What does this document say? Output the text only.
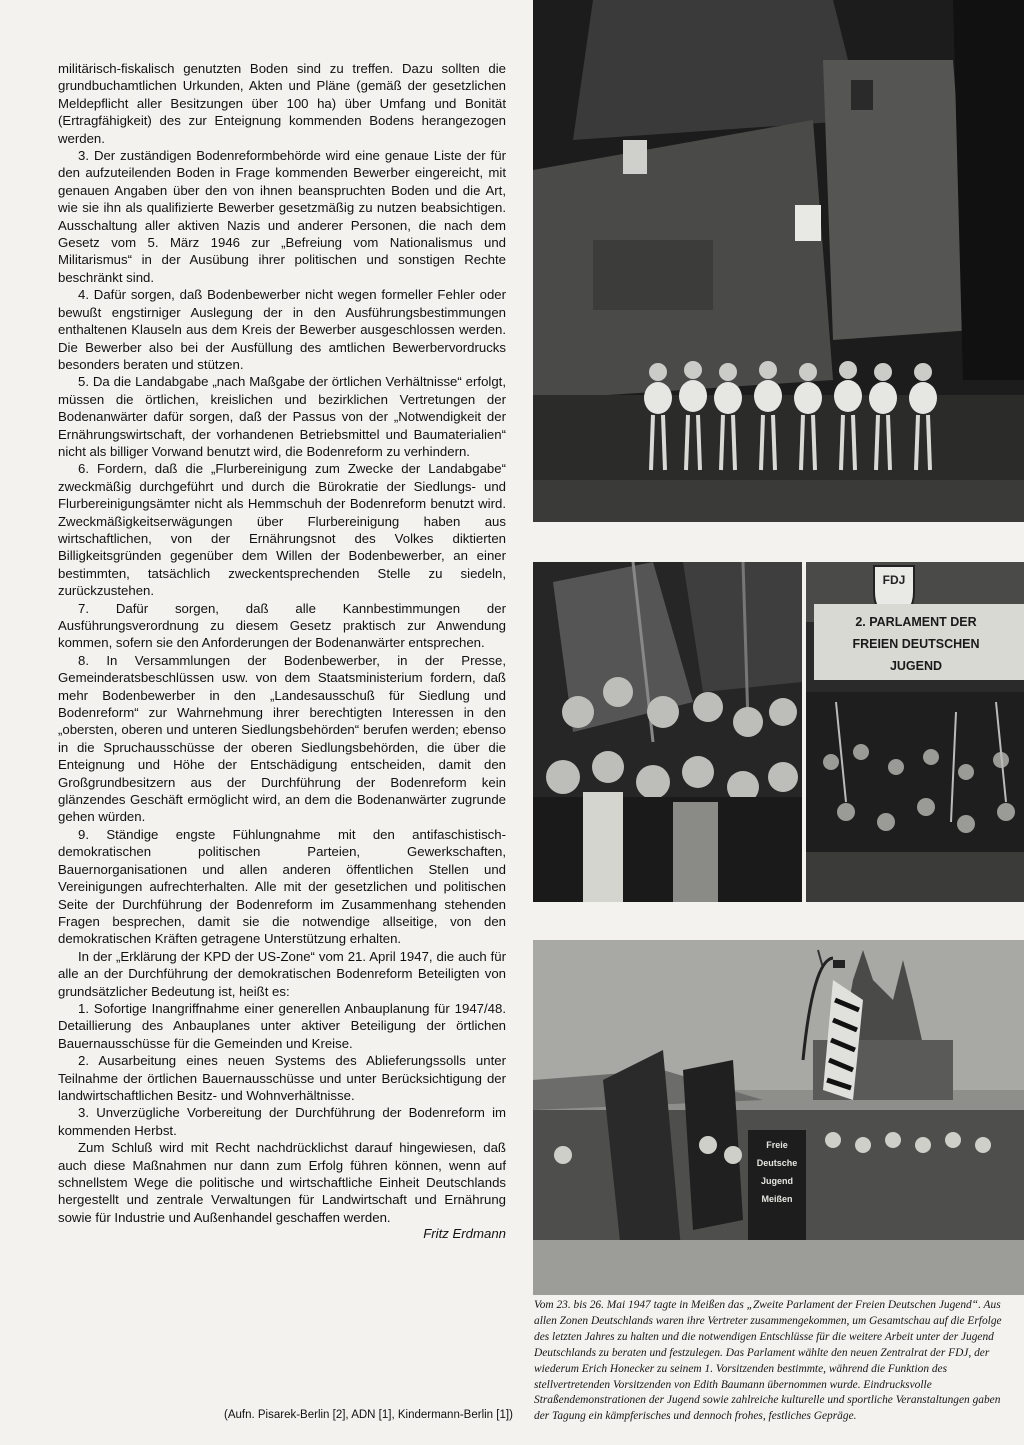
militärisch-fiskalisch genutzten Boden sind zu treffen. Dazu sollten die grundbuchamtlichen Urkunden, Akten und Pläne (gemäß der gesetzlichen Meldepflicht aller Besitzungen über 100 ha) über Umfang und Bonität (Ertragfähigkeit) des zur Enteignung kommenden Bodens herangezogen werden.

3. Der zuständigen Bodenreformbehörde wird eine genaue Liste der für den aufzuteilenden Boden in Frage kommenden Bewerber eingereicht, mit genauen Angaben über den von ihnen beanspruchten Boden und die Art, wie sie ihn als qualifizierte Bewerber gesetzmäßig zu nutzen beabsichtigen. Ausschaltung aller aktiven Nazis und anderer Personen, die nach dem Gesetz vom 5. März 1946 zur „Befreiung vom Nationalismus und Militarismus“ in der Ausübung ihrer politischen und sonstigen Rechte beschränkt sind.

4. Dafür sorgen, daß Bodenbewerber nicht wegen formeller Fehler oder bewußt engstirniger Auslegung der in den Ausführungsbestimmungen enthaltenen Klauseln aus dem Kreis der Bewerber ausgeschlossen werden. Die Bewerber also bei der Ausfüllung des amtlichen Bewerbervordrucks besonders beraten und stützen.

5. Da die Landabgabe „nach Maßgabe der örtlichen Verhältnisse“ erfolgt, müssen die örtlichen, kreislichen und bezirklichen Vertretungen der Bodenanwärter dafür sorgen, daß der Passus von der „Notwendigkeit der Ernährungswirtschaft, der vorhandenen Betriebsmittel und Baumaterialien“ nicht als billiger Vorwand benutzt wird, die Bodenreform zu verhindern.

6. Fordern, daß die „Flurbereinigung zum Zwecke der Landabgabe“ zweckmäßig durchgeführt und durch die Bürokratie der Siedlungs- und Flurbereinigungsämter nicht als Hemmschuh der Bodenreform benutzt wird. Zweckmäßigkeitserwägungen über Flurbereinigung haben aus wirtschaftlichen, von der Ernährungsnot des Volkes diktierten Billigkeitsgründen gegenüber dem Willen der Bodenbewerber, an einer bestimmten, tatsächlich zweckentsprechenden Stelle zu siedeln, zurückzustehen.

7. Dafür sorgen, daß alle Kannbestimmungen der Ausführungsverordnung zu diesem Gesetz praktisch zur Anwendung kommen, sofern sie den Anforderungen der Bodenanwärter entsprechen.

8. In Versammlungen der Bodenbewerber, in der Presse, Gemeinderatsbeschlüssen usw. von dem Staatsministerium fordern, daß mehr Bodenbewerber in den „Landesausschuß für Siedlung und Bodenreform“ zur Wahrnehmung ihrer berechtigten Interessen in den „obersten, oberen und unteren Siedlungsbehörden“ berufen werden; ebenso in die Spruchausschüsse der oberen Siedlungsbehörden, die über die Enteignung und Höhe der Entschädigung entscheiden, damit den Großgrundbesitzern aus der Durchführung der Bodenreform kein glänzendes Geschäft ermöglicht wird, an dem die Bodenanwärter zugrunde gehen würden.

9. Ständige engste Fühlungnahme mit den antifaschistisch-demokratischen politischen Parteien, Gewerkschaften, Bauernorganisationen und allen anderen öffentlichen Stellen und Vereinigungen aufrechterhalten. Alle mit der gesetzlichen und politischen Seite der Durchführung der Bodenreform im Zusammenhang stehenden Fragen besprechen, damit sie die notwendige allseitige, von den demokratischen Kräften getragene Unterstützung erhalten.

In der „Erklärung der KPD der US-Zone“ vom 21. April 1947, die auch für alle an der Durchführung der demokratischen Bodenreform Beteiligten von grundsätzlicher Bedeutung ist, heißt es:

1. Sofortige Inangriffnahme einer generellen Anbauplanung für 1947/48. Detaillierung des Anbauplanes unter aktiver Beteiligung der örtlichen Bauernausschüsse für die Gemeinden und Kreise.

2. Ausarbeitung eines neuen Systems des Ablieferungssolls unter Teilnahme der örtlichen Bauernausschüsse und unter Berücksichtigung der landwirtschaftlichen Besitz- und Wohnverhältnisse.

3. Unverzügliche Vorbereitung der Durchführung der Bodenreform im kommenden Herbst.

Zum Schluß wird mit Recht nachdrücklichst darauf hingewiesen, daß auch diese Maßnahmen nur dann zum Erfolg führen können, wenn auf schnellstem Wege die politische und wirtschaftliche Einheit Deutschlands hergestellt und zentrale Verwaltungen für Landwirtschaft und Ernährung sowie für Industrie und Außenhandel geschaffen werden.

Fritz Erdmann
(Aufn. Pisarek-Berlin [2], ADN [1], Kindermann-Berlin [1])
FDJ
2. PARLAMENT DER
FREIEN DEUTSCHEN
JUGEND
Freie
Deutsche
Jugend
Meißen
Vom 23. bis 26. Mai 1947 tagte in Meißen das „Zweite Parlament der Freien Deutschen Jugend“. Aus allen Zonen Deutschlands waren ihre Vertreter zusammengekommen, um Gesamtschau auf die Erfolge des letzten Jahres zu halten und die notwendigen Entschlüsse für die weitere Arbeit unter der Jugend Deutschlands zu beraten und festzulegen. Das Parlament wählte den neuen Zentralrat der FDJ, der wiederum Erich Honecker zu seinem 1. Vorsitzenden bestimmte, während die Funktion des stellvertretenden Vorsitzenden von Edith Baumann übernommen wurde. Eindrucksvolle Straßendemonstrationen der Jugend sowie zahlreiche kulturelle und sportliche Veranstaltungen gaben der Tagung ein kämpferisches und dennoch frohes, festliches Gepräge.
